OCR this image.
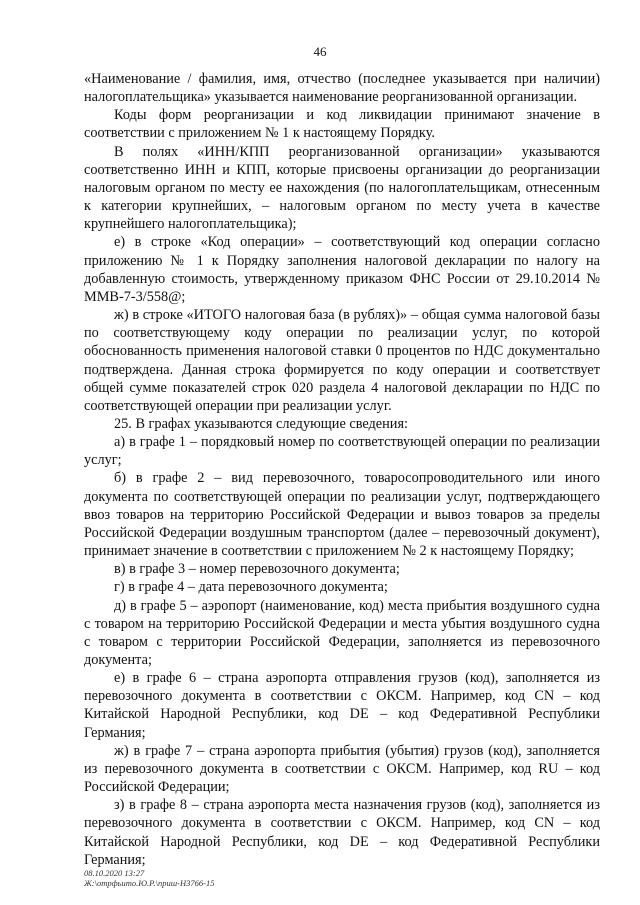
46

«Наименование / фамилия, имя, отчество (последнее указывается при наличии) налогоплательщика» указывается наименование реорганизованной организации.

Коды форм реорганизации и код ликвидации принимают значение в соответствии с приложением № 1 к настоящему Порядку.

В полях «ИНН/КПП реорганизованной организации» указываются соответственно ИНН и КПП, которые присвоены организации до реорганизации налоговым органом по месту ее нахождения (по налогоплательщикам, отнесенным к категории крупнейших, – налоговым органом по месту учета в качестве крупнейшего налогоплательщика);

е) в строке «Код операции» – соответствующий код операции согласно приложению № 1 к Порядку заполнения налоговой декларации по налогу на добавленную стоимость, утвержденному приказом ФНС России от 29.10.2014 № ММВ-7-3/558@;

ж) в строке «ИТОГО налоговая база (в рублях)» – общая сумма налоговой базы по соответствующему коду операции по реализации услуг, по которой обоснованность применения налоговой ставки 0 процентов по НДС документально подтверждена. Данная строка формируется по коду операции и соответствует общей сумме показателей строк 020 раздела 4 налоговой декларации по НДС по соответствующей операции при реализации услуг.

25. В графах указываются следующие сведения:

а) в графе 1 – порядковый номер по соответствующей операции по реализации услуг;

б) в графе 2 – вид перевозочного, товаросопроводительного или иного документа по соответствующей операции по реализации услуг, подтверждающего ввоз товаров на территорию Российской Федерации и вывоз товаров за пределы Российской Федерации воздушным транспортом (далее – перевозочный документ), принимает значение в соответствии с приложением № 2 к настоящему Порядку;

в) в графе 3 – номер перевозочного документа;

г) в графе 4 – дата перевозочного документа;

д) в графе 5 – аэропорт (наименование, код) места прибытия воздушного судна с товаром на территорию Российской Федерации и места убытия воздушного судна с товаром с территории Российской Федерации, заполняется из перевозочного документа;

е) в графе 6 – страна аэропорта отправления грузов (код), заполняется из перевозочного документа в соответствии с ОКСМ. Например, код CN – код Китайской Народной Республики, код DE – код Федеративной Республики Германия;

ж) в графе 7 – страна аэропорта прибытия (убытия) грузов (код), заполняется из перевозочного документа в соответствии с ОКСМ. Например, код RU – код Российской Федерации;

з) в графе 8 – страна аэропорта места назначения грузов (код), заполняется из перевозочного документа в соответствии с ОКСМ. Например, код CN – код Китайской Народной Республики, код DE – код Федеративной Республики Германия;

08.10.2020 13:27
Ж:\отрфьито.Ю.Р.\приш-Н3766-15
